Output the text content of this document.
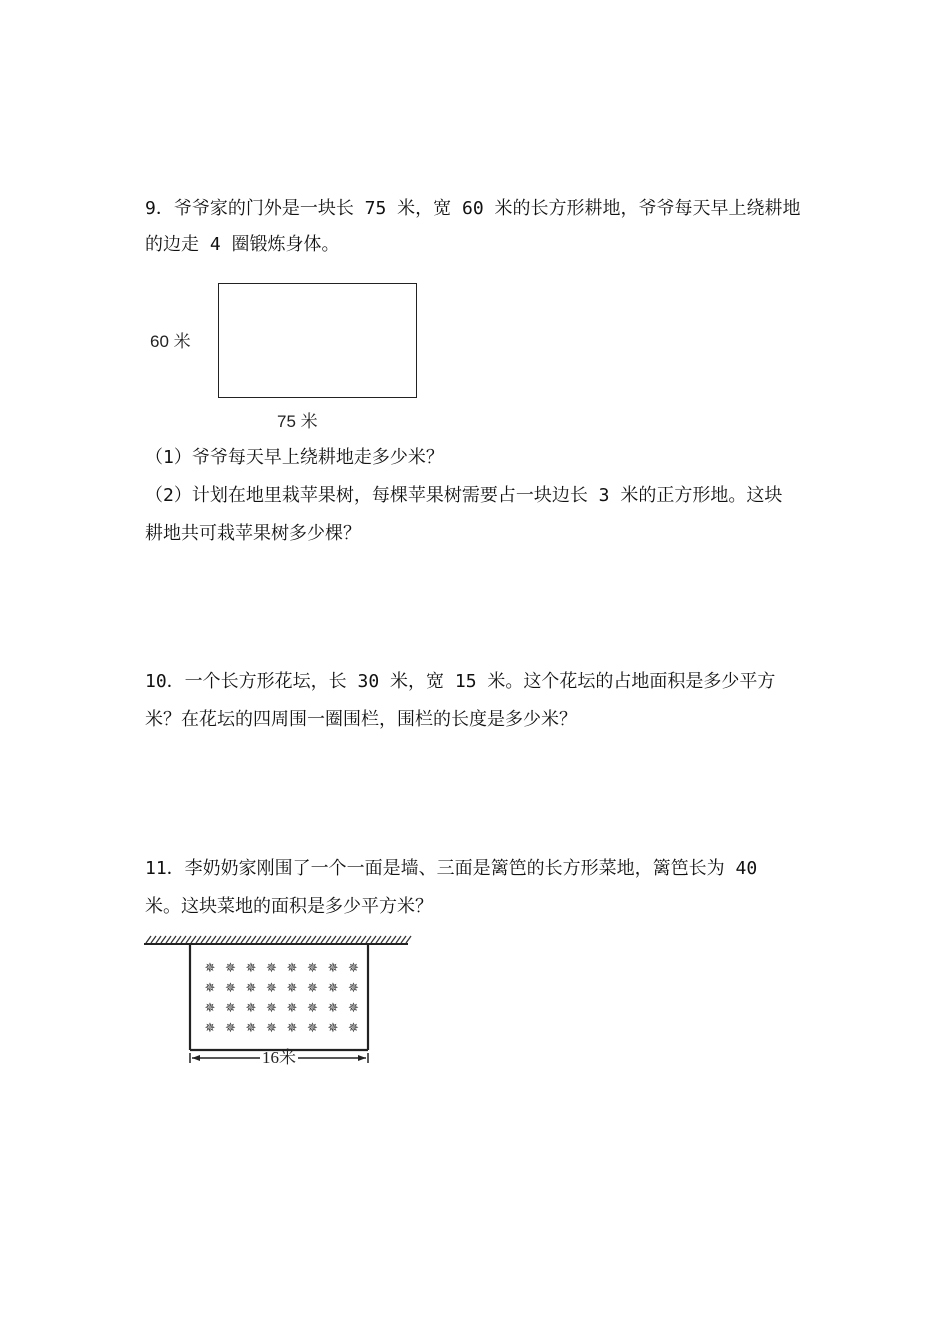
9．爷爷家的门外是一块长 75 米，宽 60 米的长方形耕地，爷爷每天早上绕耕地
的边走 4 圈锻炼身体。
60 米
75 米
（1）爷爷每天早上绕耕地走多少米？
（2）计划在地里栽苹果树，每棵苹果树需要占一块边长 3 米的正方形地。这块
耕地共可栽苹果树多少棵？
10．一个长方形花坛，长 30 米，宽 15 米。这个花坛的占地面积是多少平方
米？在花坛的四周围一圈围栏，围栏的长度是多少米？
11．李奶奶家刚围了一个一面是墙、三面是篱笆的长方形菜地，篱笆长为 40
米。这块菜地的面积是多少平方米？
✵ ✵ ✵ ✵ ✵ ✵ ✵ ✵
✵ ✵ ✵ ✵ ✵ ✵ ✵ ✵
✵ ✵ ✵ ✵ ✵ ✵ ✵ ✵
✵ ✵ ✵ ✵ ✵ ✵ ✵ ✵
16米
